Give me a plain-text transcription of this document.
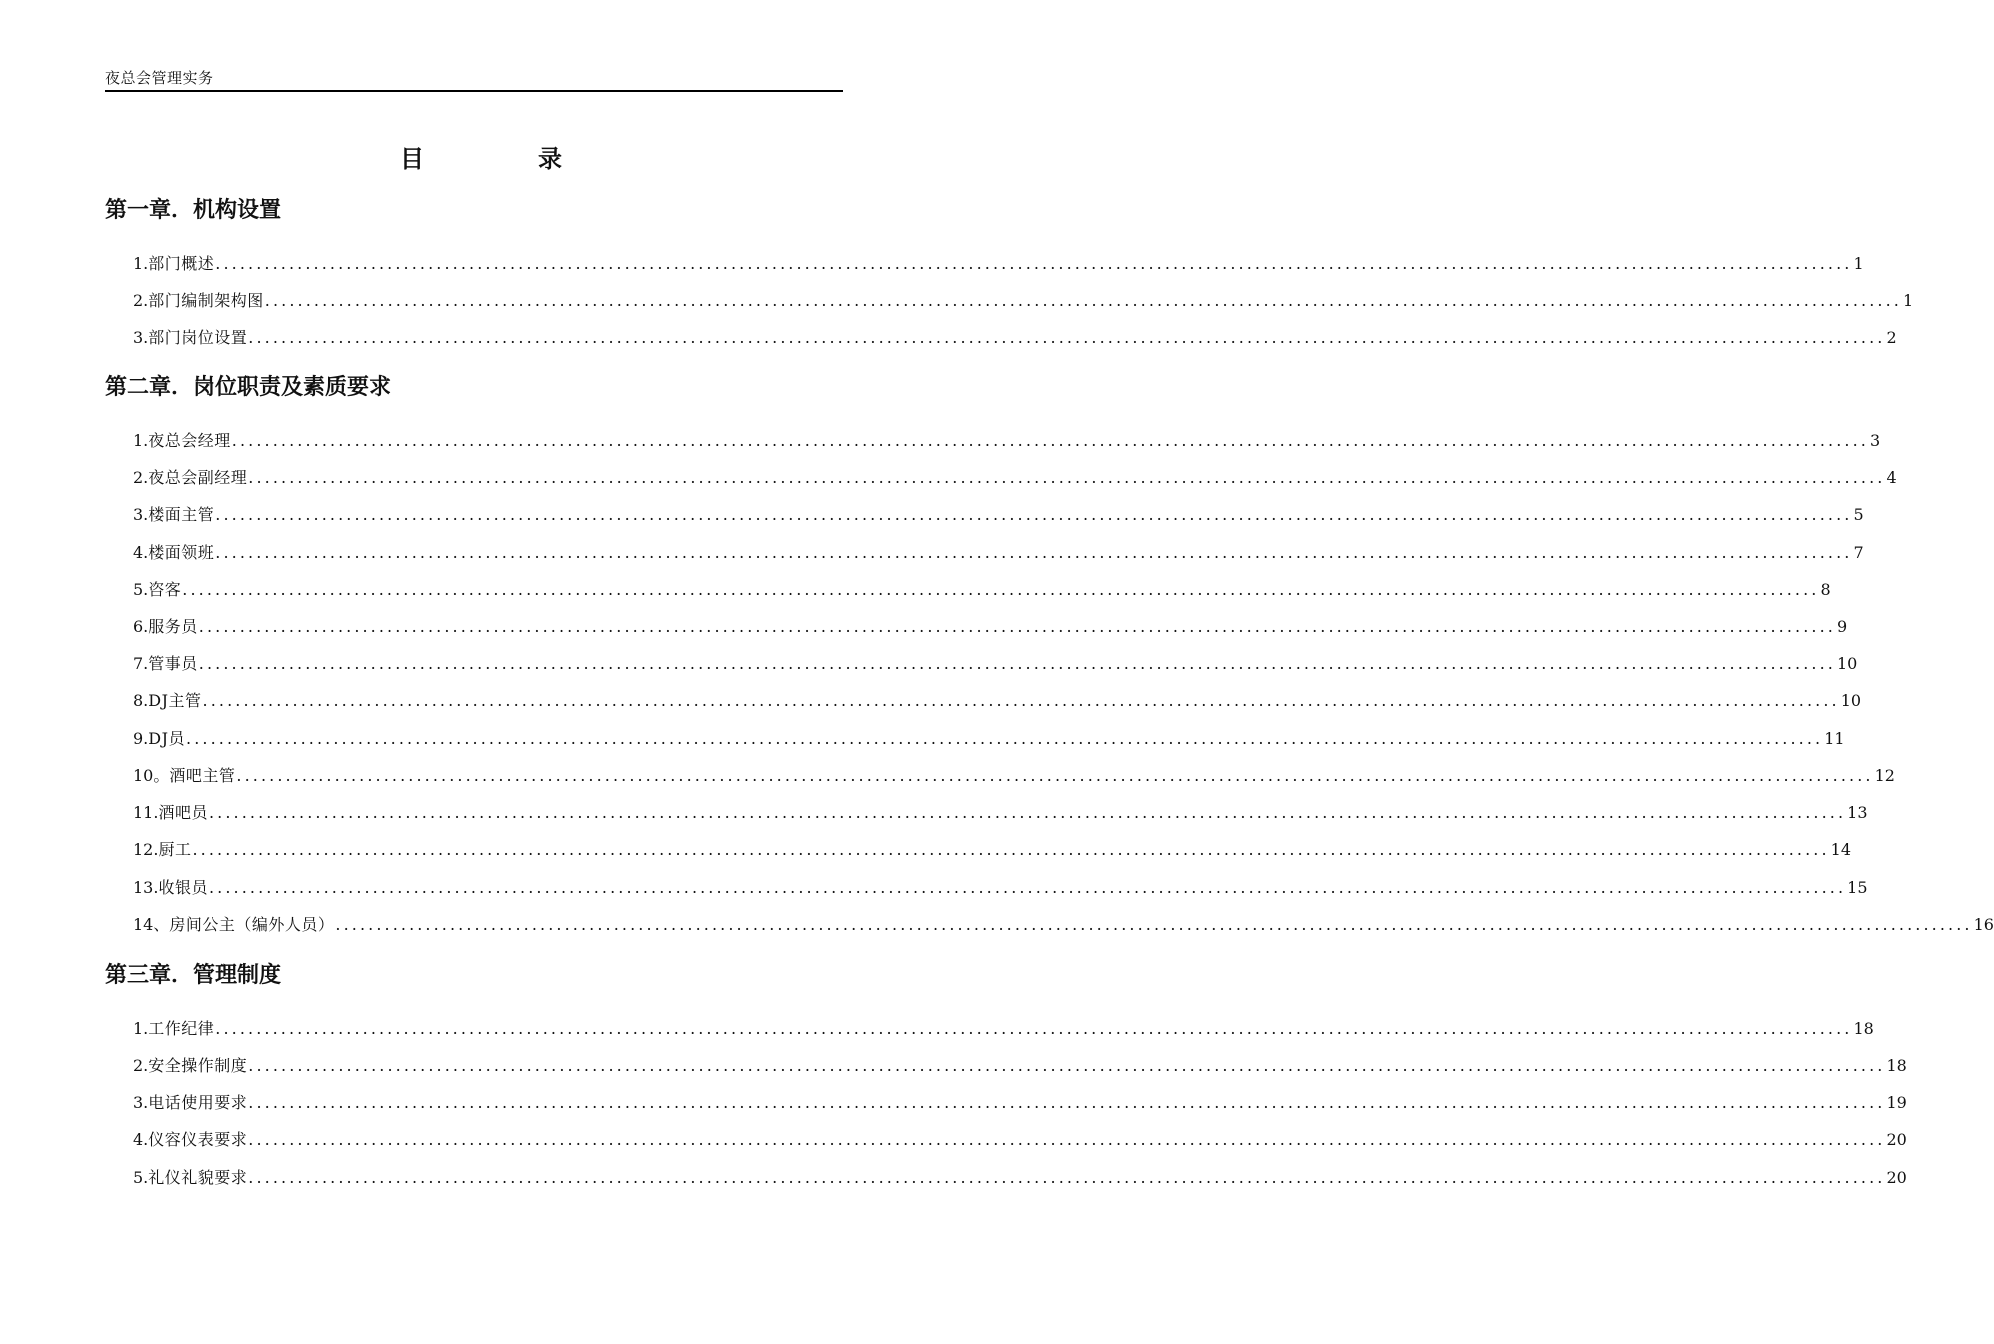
夜总会管理实务
目	录
第一章．机构设置
1. 部门概述 ........................................................................................................................................................................................................ 1
2. 部门编制架构图 ........................................................................................................................................................................................................ 1
3. 部门岗位设置 ........................................................................................................................................................................................................ 2
第二章．岗位职责及素质要求
1. 夜总会经理 ........................................................................................................................................................................................................ 3
2. 夜总会副经理 ........................................................................................................................................................................................................ 4
3. 楼面主管 ........................................................................................................................................................................................................ 5
4. 楼面领班 ........................................................................................................................................................................................................ 7
5. 咨客 ........................................................................................................................................................................................................ 8
6. 服务员 ........................................................................................................................................................................................................ 9
7. 管事员 ........................................................................................................................................................................................................ 10
8. DJ主管 ........................................................................................................................................................................................................ 10
9. DJ员 ........................................................................................................................................................................................................ 11
10。 酒吧主管 ........................................................................................................................................................................................................ 12
11. 酒吧员 ........................................................................................................................................................................................................ 13
12. 厨工 ........................................................................................................................................................................................................ 14
13. 收银员 ........................................................................................................................................................................................................ 15
14、 房间公主（编外人员） ........................................................................................................................................................................................................ 16
第三章．管理制度
1. 工作纪律 ........................................................................................................................................................................................................ 18
2. 安全操作制度 ........................................................................................................................................................................................................ 18
3. 电话使用要求 ........................................................................................................................................................................................................ 19
4. 仪容仪表要求 ........................................................................................................................................................................................................ 20
5. 礼仪礼貌要求 ........................................................................................................................................................................................................ 20
